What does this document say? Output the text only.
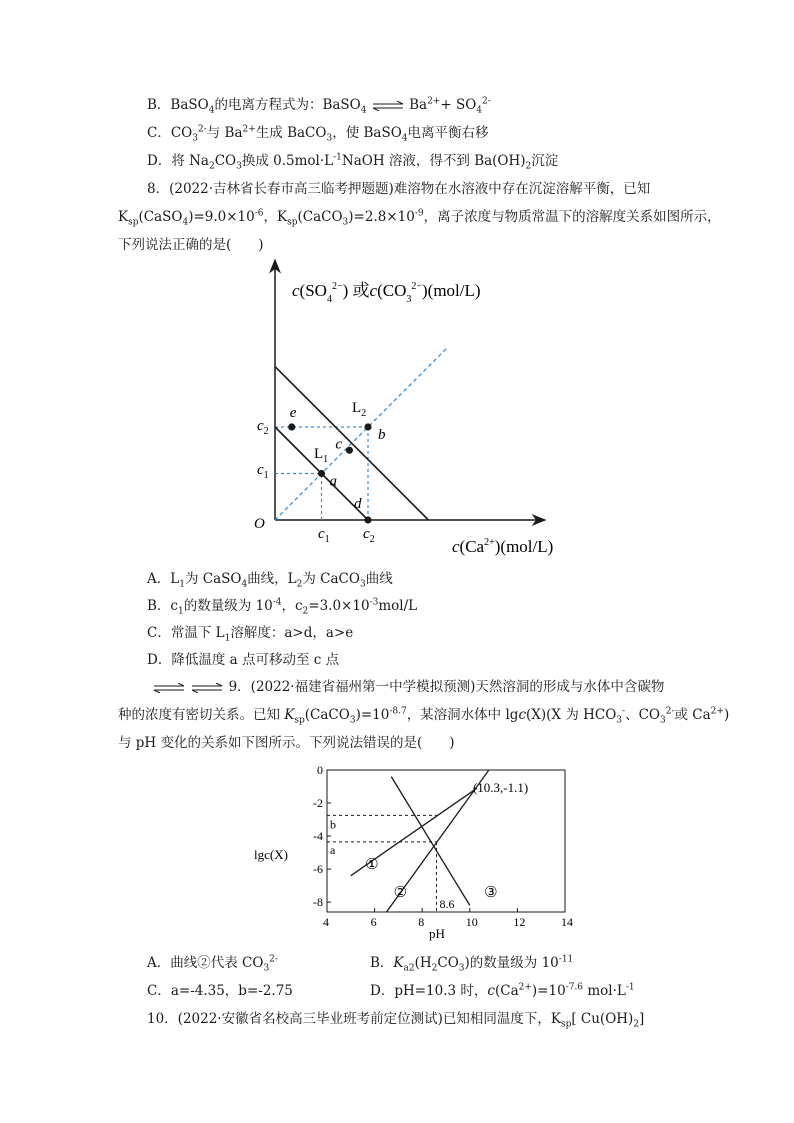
B．BaSO$_4$的电离方程式为：BaSO$_4$ ⇌ $Ba^{2+}+ SO_4^{2-}$
C．$CO_3^{2-}$与 $Ba^{2+}$生成 BaCO$_3$，使 BaSO$_4$电离平衡右移
D．将 $Na_2CO_3$换成 $0.5mol\cdot L^{-1}NaOH$ 溶液，得不到 $Ba(OH)_2$沉淀
8．(2022·吉林省长春市高三临考押题题)难溶物在水溶液中存在沉淀溶解平衡，已知
$K_{sp}(CaSO_4)=9.0\times 10^{-6}$，$K_{sp}(CaCO_3)=2.8\times 10^{-9}$，离子浓度与物质常温下的溶解度关系如图所示，
下列说法正确的是(　　)
a
b
c
d
e
O
$c(SO_4^{2-})$ 或$c(CO_3^{2-})(mol/L)$
$c(Ca^{2+})(mol/L)$
$c_1$ $c_2$
$c_2$
$c_1$
$L_1$
$L_2$
A．$L_1$为 CaSO$_4$曲线，$L_2$为 CaCO$_3$曲线
B．$c_1$的数量级为 $10^{-4}$，$c_2=3.0\times 10^{-3}mol/L$
C．常温下 $L_1$溶解度：a>d，a>e
D．降低温度 a 点可移动至 c 点
9．(2022·福建省福州第一中学模拟预测)天然溶洞的形成与水体中含碳物
种的浓度有密切关系。已知 $K_{sp}(CaCO_3)=10^{-8.7}$，某溶洞水体中 lgc(X)(X 为 $HCO_3^-$、$CO_3^{2-}$或 $Ca^{2+}$)
与 pH 变化的关系如下图所示。下列说法错误的是(　　)
①
②	③
4	6	8	10	12	14
0
-2
-4
-6
-8
(10.3,-1.1)
8.6
a
b
lgc(X)
pH
A．曲线②代表 $CO_3^{2-}$	B．$K_{a2}(H_2CO_3)$的数量级为 $10^{-11}$
C．a=-4.35，b=-2.75	D．pH=10.3 时，$c(Ca^{2+})=10^{-7.6}$ $mol\cdot L^{-1}$
10．(2022·安徽省名校高三毕业班考前定位测试)已知相同温度下，$K_{sp}$[ $Cu(OH)_2$]
